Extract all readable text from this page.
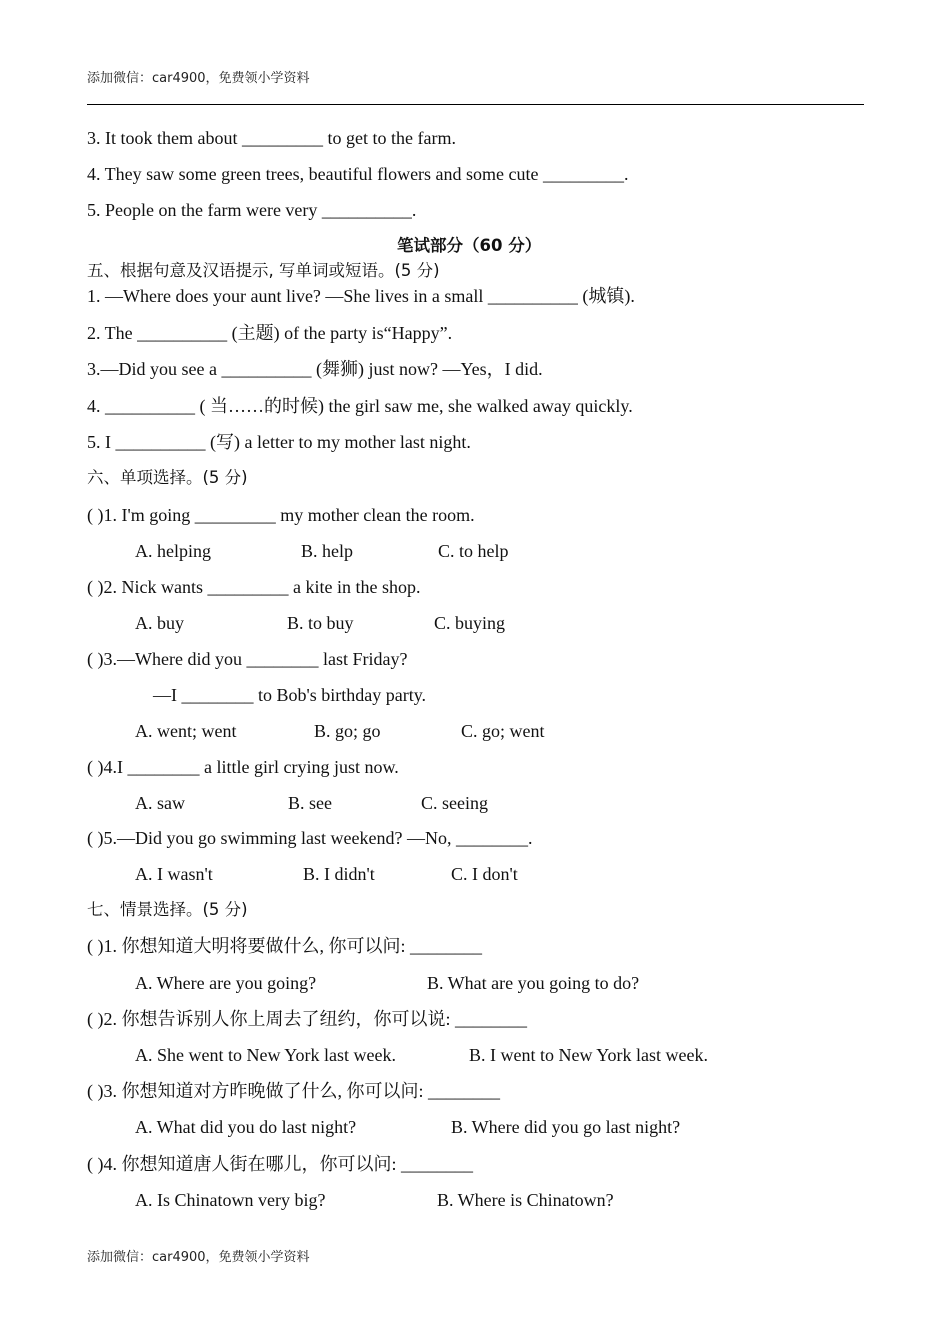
添加微信：car4900，免费领小学资料
3. It took them about _________ to get to the farm.
4. They saw some green trees, beautiful flowers and some cute _________.
5. People on the farm were very __________.
笔试部分（60 分）
五、根据句意及汉语提示, 写单词或短语。(5 分)
1. —Where does your aunt live? —She lives in a small __________ (城镇).
2. The __________ (主题) of the party is“Happy”.
3.—Did you see a __________ (舞狮) just now? —Yes，I did.
4. __________ ( 当……的时候) the girl saw me, she walked away quickly.
5. I __________ (写) a letter to my mother last night.
六、单项选择。(5 分)
( )1. I'm going _________ my mother clean the room.
A. helping	B. help	C. to help
( )2. Nick wants _________ a kite in the shop.
A. buy	B. to buy	C. buying
( )3.—Where did you ________ last Friday?
—I ________ to Bob's birthday party.
A. went; went	B. go; go	C. go; went
( )4.I ________ a little girl crying just now.
A. saw	B. see	C. seeing
( )5.—Did you go swimming last weekend? —No, ________.
A. I wasn't	B. I didn't	C. I don't
七、情景选择。(5 分)
( )1. 你想知道大明将要做什么, 你可以问: ________
A. Where are you going?	B. What are you going to do?
( )2. 你想告诉别人你上周去了纽约，你可以说: ________
A. She went to New York last week.	B. I went to New York last week.
( )3. 你想知道对方昨晚做了什么, 你可以问: ________
A. What did you do last night?	B. Where did you go last night?
( )4. 你想知道唐人街在哪儿，你可以问: ________
A. Is Chinatown very big?	B. Where is Chinatown?
添加微信：car4900，免费领小学资料
